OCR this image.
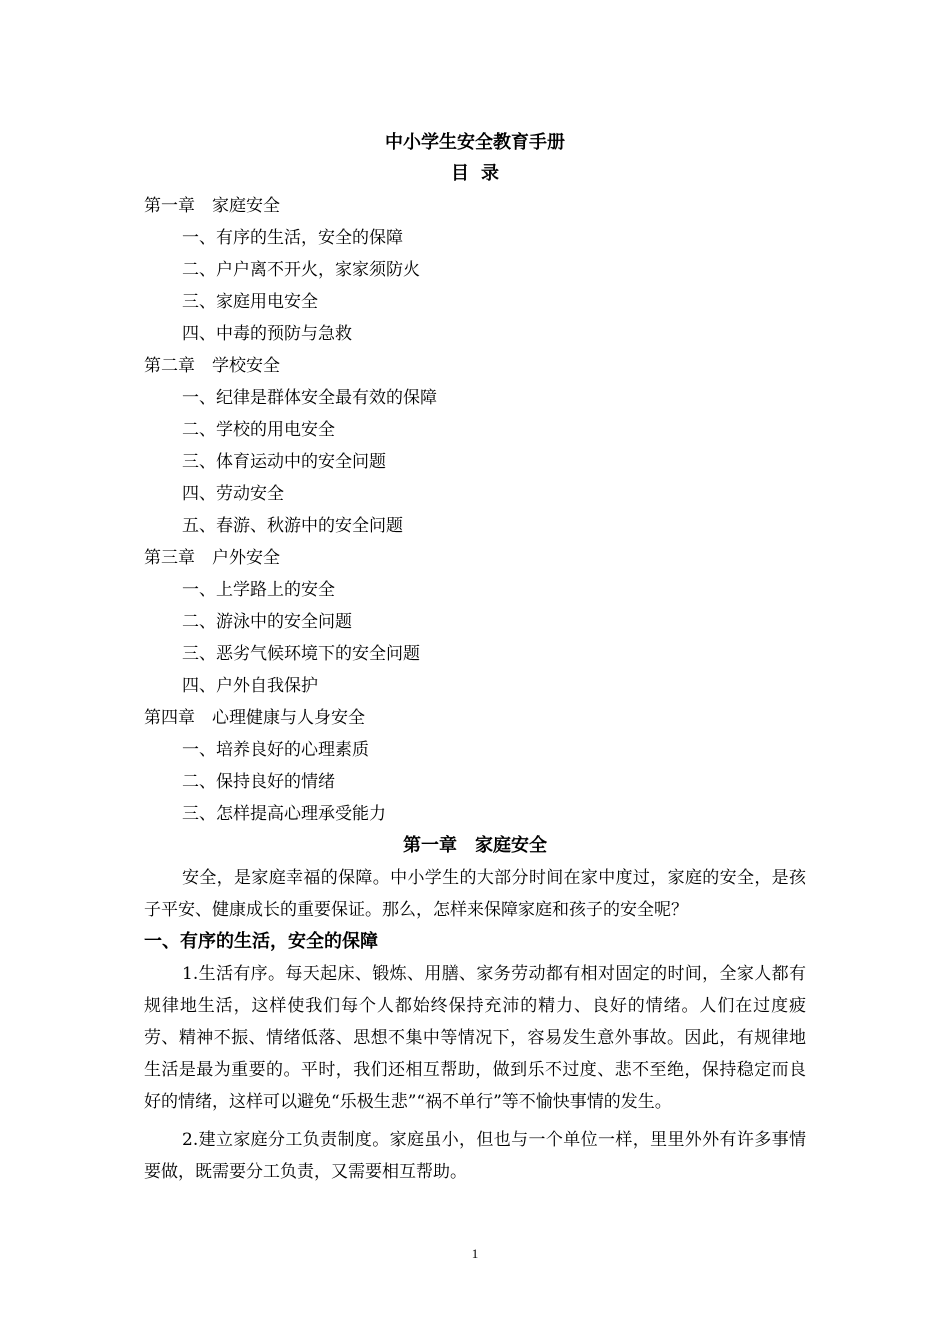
中小学生安全教育手册
目录
第一章　家庭安全
一、有序的生活，安全的保障
二、户户离不开火，家家须防火
三、家庭用电安全
四、中毒的预防与急救
第二章　学校安全
一、纪律是群体安全最有效的保障
二、学校的用电安全
三、体育运动中的安全问题
四、劳动安全
五、春游、秋游中的安全问题
第三章　户外安全
一、上学路上的安全
二、游泳中的安全问题
三、恶劣气候环境下的安全问题
四、户外自我保护
第四章　心理健康与人身安全
一、培养良好的心理素质
二、保持良好的情绪
三、怎样提高心理承受能力
第一章　家庭安全
安全，是家庭幸福的保障。中小学生的大部分时间在家中度过，家庭的安全，是孩子平安、健康成长的重要保证。那么，怎样来保障家庭和孩子的安全呢？
一、有序的生活，安全的保障
1.生活有序。每天起床、锻炼、用膳、家务劳动都有相对固定的时间，全家人都有规律地生活，这样使我们每个人都始终保持充沛的精力、良好的情绪。人们在过度疲劳、精神不振、情绪低落、思想不集中等情况下，容易发生意外事故。因此，有规律地生活是最为重要的。平时，我们还相互帮助，做到乐不过度、悲不至绝，保持稳定而良好的情绪，这样可以避免“乐极生悲”“祸不单行”等不愉快事情的发生。
2.建立家庭分工负责制度。家庭虽小，但也与一个单位一样，里里外外有许多事情要做，既需要分工负责，又需要相互帮助。
1
